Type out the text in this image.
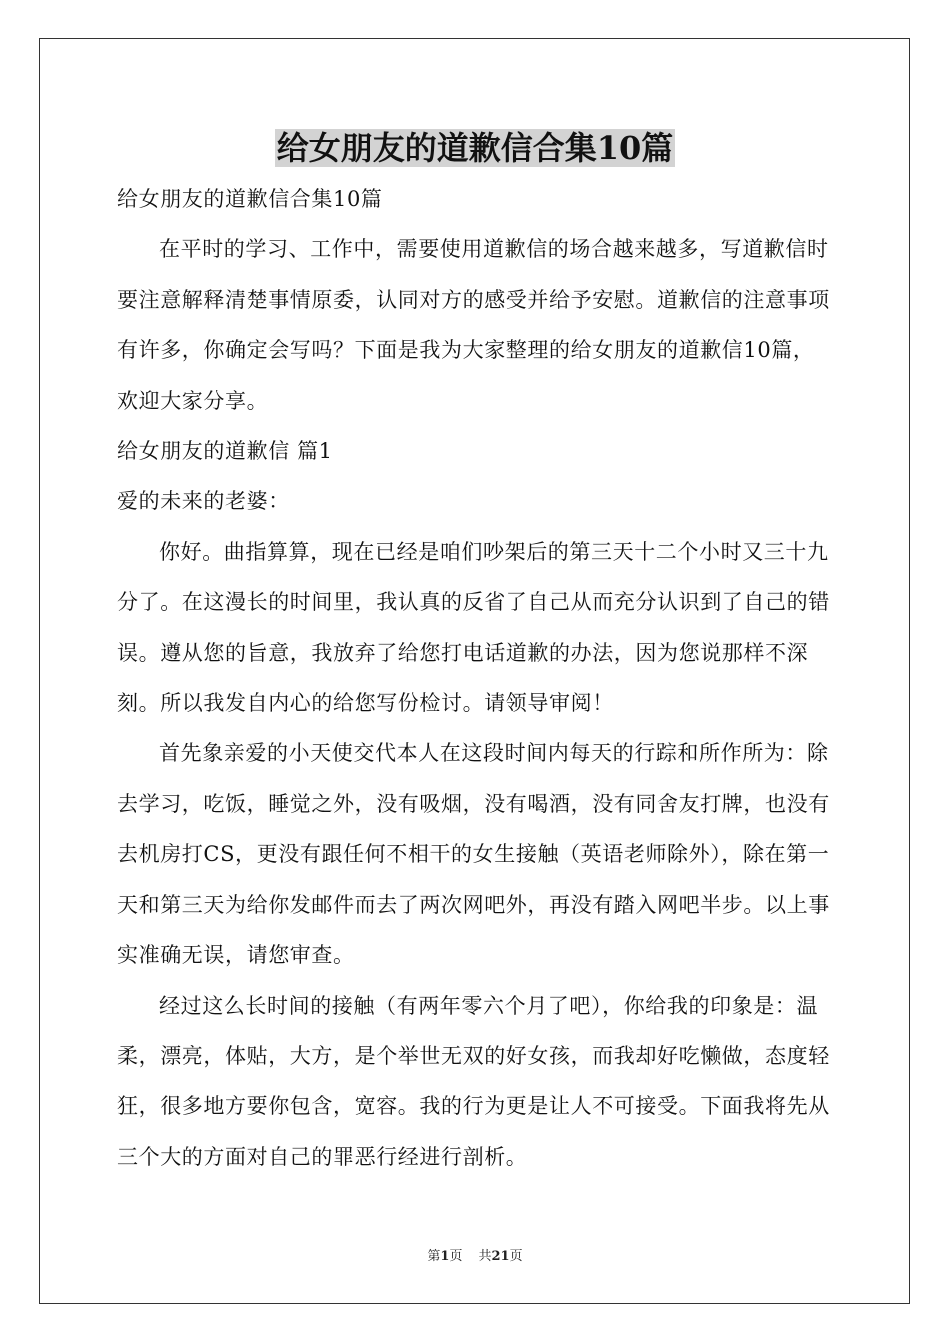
给女朋友的道歉信合集10篇

给女朋友的道歉信合集10篇

在平时的学习、工作中，需要使用道歉信的场合越来越多，写道歉信时要注意解释清楚事情原委，认同对方的感受并给予安慰。道歉信的注意事项有许多，你确定会写吗？下面是我为大家整理的给女朋友的道歉信10篇，欢迎大家分享。

给女朋友的道歉信 篇1

爱的未来的老婆：

你好。曲指算算，现在已经是咱们吵架后的第三天十二个小时又三十九分了。在这漫长的时间里，我认真的反省了自己从而充分认识到了自己的错误。遵从您的旨意，我放弃了给您打电话道歉的办法，因为您说那样不深刻。所以我发自内心的给您写份检讨。请领导审阅！

首先象亲爱的小天使交代本人在这段时间内每天的行踪和所作所为：除去学习，吃饭，睡觉之外，没有吸烟，没有喝酒，没有同舍友打牌，也没有去机房打CS，更没有跟任何不相干的女生接触（英语老师除外），除在第一天和第三天为给你发邮件而去了两次网吧外，再没有踏入网吧半步。以上事实准确无误，请您审查。

经过这么长时间的接触（有两年零六个月了吧），你给我的印象是：温柔，漂亮，体贴，大方，是个举世无双的好女孩，而我却好吃懒做，态度轻狂，很多地方要你包含，宽容。我的行为更是让人不可接受。下面我将先从三个大的方面对自己的罪恶行经进行剖析。

第1页 共21页
